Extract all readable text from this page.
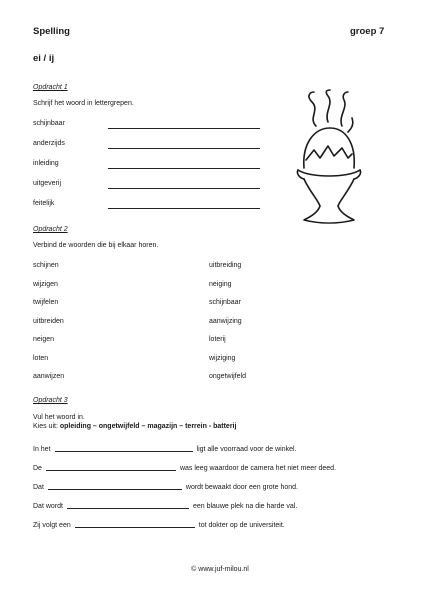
Spelling	groep 7
ei / ij
Opdracht 1
Schrijf het woord in lettergrepen.
schijnbaar
anderzijds
inleiding
uitgeverij
feitelijk
Opdracht 2
Verbind de woorden die bij elkaar horen.
schijnen
wijzigen
twijfelen
uitbreiden
neigen
loten
aanwijzen
uitbreiding
neiging
schijnbaar
aanwijzing
loterij
wijziging
ongetwijfeld
Opdracht 3
Vul het woord in.
Kies uit: opleiding – ongetwijfeld – magazijn – terrein - batterij
In het	ligt alle voorraad voor de winkel.
De	was leeg waardoor de camera het niet meer deed.
Dat	wordt bewaakt door een grote hond.
Dat wordt	een blauwe plek na die harde val.
Zij volgt een	tot dokter op de universiteit.
© www.juf-milou.nl
